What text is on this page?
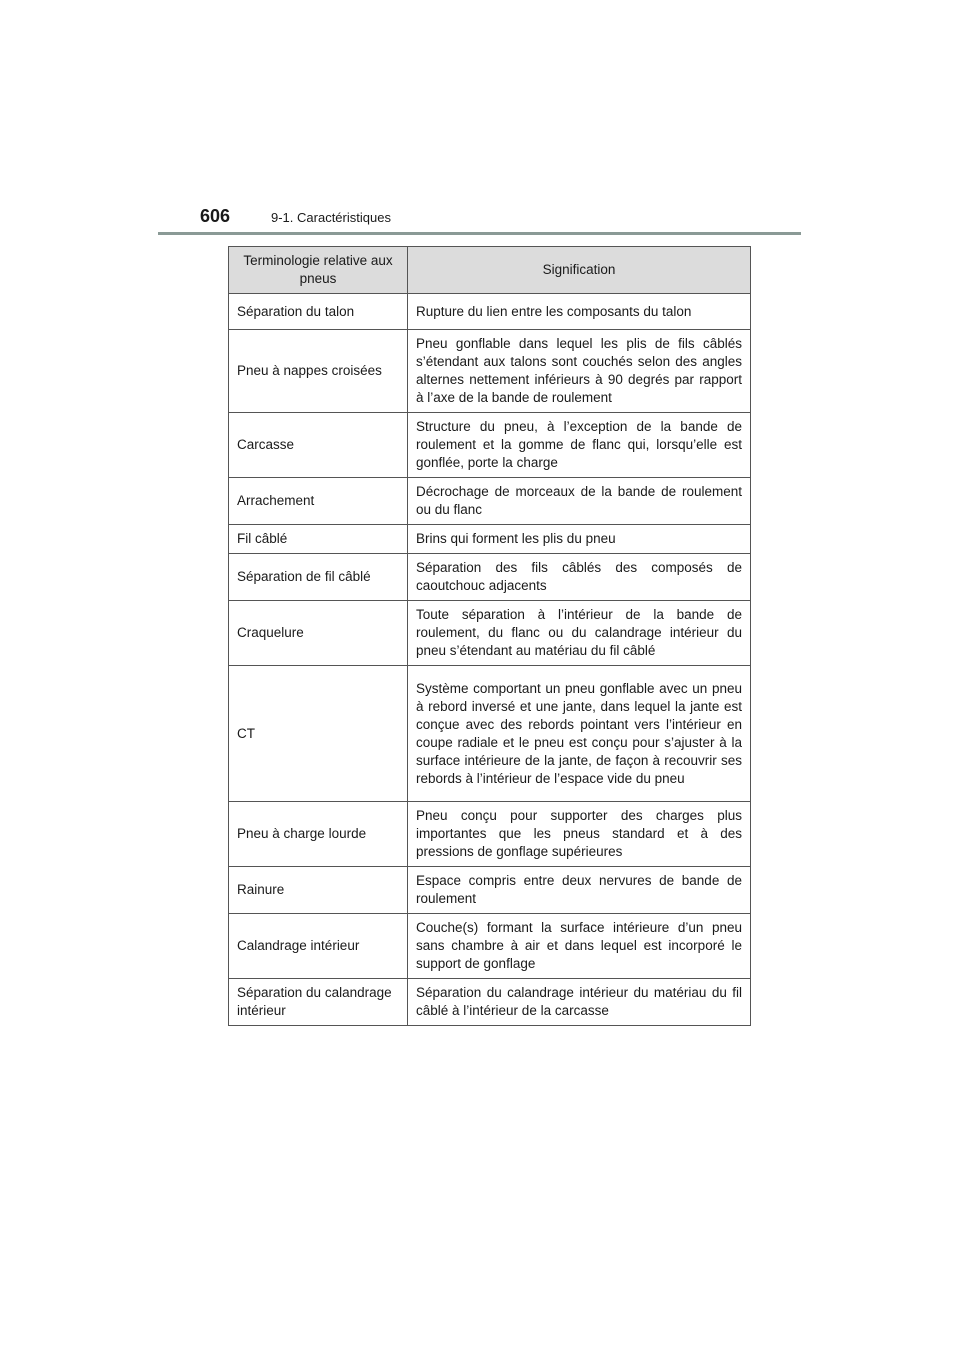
606	9-1. Caractéristiques
Terminologie relative aux pneus	Signification
Séparation du talon	Rupture du lien entre les composants du talon
Pneu à nappes croisées	Pneu gonflable dans lequel les plis de fils câblés s’étendant aux talons sont couchés selon des angles alternes nettement inférieurs à 90 degrés par rapport à l’axe de la bande de roulement
Carcasse	Structure du pneu, à l’exception de la bande de roulement et la gomme de flanc qui, lorsqu’elle est gonflée, porte la charge
Arrachement	Décrochage de morceaux de la bande de roulement ou du flanc
Fil câblé	Brins qui forment les plis du pneu
Séparation de fil câblé	Séparation des fils câblés des composés de caoutchouc adjacents
Craquelure	Toute séparation à l’intérieur de la bande de roulement, du flanc ou du calandrage intérieur du pneu s’étendant au matériau du fil câblé
CT	Système comportant un pneu gonflable avec un pneu à rebord inversé et une jante, dans lequel la jante est conçue avec des rebords pointant vers l’intérieur en coupe radiale et le pneu est conçu pour s’ajuster à la surface intérieure de la jante, de façon à recouvrir ses rebords à l’intérieur de l’espace vide du pneu
Pneu à charge lourde	Pneu conçu pour supporter des charges plus importantes que les pneus standard et à des pressions de gonflage supérieures
Rainure	Espace compris entre deux nervures de bande de roulement
Calandrage intérieur	Couche(s) formant la surface intérieure d’un pneu sans chambre à air et dans lequel est incorporé le support de gonflage
Séparation du calandrage intérieur	Séparation du calandrage intérieur du matériau du fil câblé à l’intérieur de la carcasse
